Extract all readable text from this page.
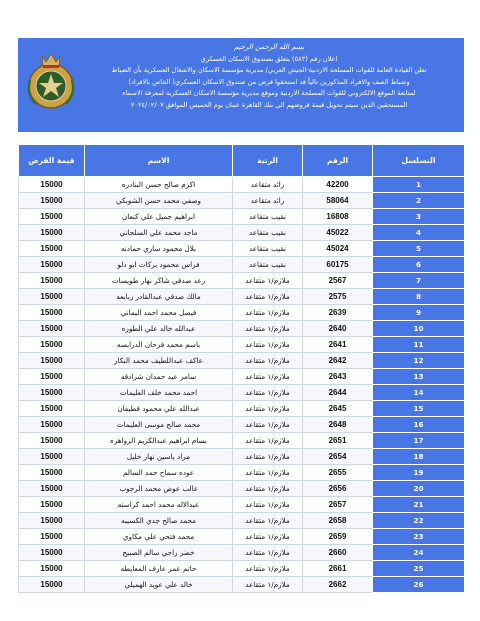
بسم الله الرحمن الرحيم
اعلان رقم (٥٨٣) يتعلق بصندوق الاسكان العسكري
تعلن القيادة العامة للقوات المسلحة الاردنية-الجيش العربي/ مديرية مؤسسة الاسكان والاشغال العسكرية بأن الضباط
وضباط الصف والافراد المذكورين تالياً قد استحقوا قرض من صندوق الاسكان العسكري( الخاص بالافراد)
لمتابعة الموقع الالكتروني للقوات المسلحة الاردنية وموقع مديرية مؤسسة الاسكان العسكرية لمعرفة الاسماء
المستحقين الذين سيتم تحويل قيمة قروضهم الى بنك القاهرة عمان يوم الخميس الموافق ٢٠٢٤/٠٢/٠٧
التسلسل	الرقم	الرتبة	الاسم	قيمة القرض
1	42200	رائد متقاعد	اكرم صالح حسن البنادره	15000
2	58064	رائد متقاعد	وصفي محمد حسن الشوبكي	15000
3	16808	نقيب متقاعد	ابراهيم جميل علي كنعان	15000
4	45022	نقيب متقاعد	ماجد محمد علي السلحاني	15000
5	45024	نقيب متقاعد	بلال محمود ساري حمادنه	15000
6	60175	نقيب متقاعد	فراس محمود بركات ابو دلو	15000
7	2567	ملازم/١ متقاعد	رعد صدقي شاكر نهار طويسات	15000
8	2575	ملازم/١ متقاعد	مالك صدقي عبدالقادر ربابعه	15000
9	2639	ملازم/١ متقاعد	فيصل محمد احمد اليماني	15000
10	2640	ملازم/١ متقاعد	عبدالله خالد علي الطوره	15000
11	2641	ملازم/١ متقاعد	باسم محمد فرحان الدرابسه	15000
12	2642	ملازم/١ متقاعد	عاكف عبداللطيف محمد البكار	15000
13	2643	ملازم/١ متقاعد	سامر عيد حمدان شرادقه	15000
14	2644	ملازم/١ متقاعد	احمد محمد خلف العليمات	15000
15	2645	ملازم/١ متقاعد	عبدالله علي محمود قطيفان	15000
16	2648	ملازم/١ متقاعد	محمد صالح موسى العليمات	15000
17	2651	ملازم/١ متقاعد	بسام ابراهيم عبدالكريم الزواهره	15000
18	2654	ملازم/١ متقاعد	مراد ياسين نهار خليل	15000
19	2655	ملازم/١ متقاعد	عوده سماح حمد السالم	15000
20	2656	ملازم/١ متقاعد	غالب عوض محمد الرجوب	15000
21	2657	ملازم/١ متقاعد	عبدالاله محمد احمد كراسنه	15000
22	2658	ملازم/١ متقاعد	محمد صالح جدي الكسيبه	15000
23	2659	ملازم/١ متقاعد	محمد فتحي علي مكاوي	15000
24	2660	ملازم/١ متقاعد	خضر راجي سالم الصبيح	15000
25	2661	ملازم/١ متقاعد	حاتم عمر عارف المعايطه	15000
26	2662	ملازم/١ متقاعد	خالد علي عويد الهميلي	15000
